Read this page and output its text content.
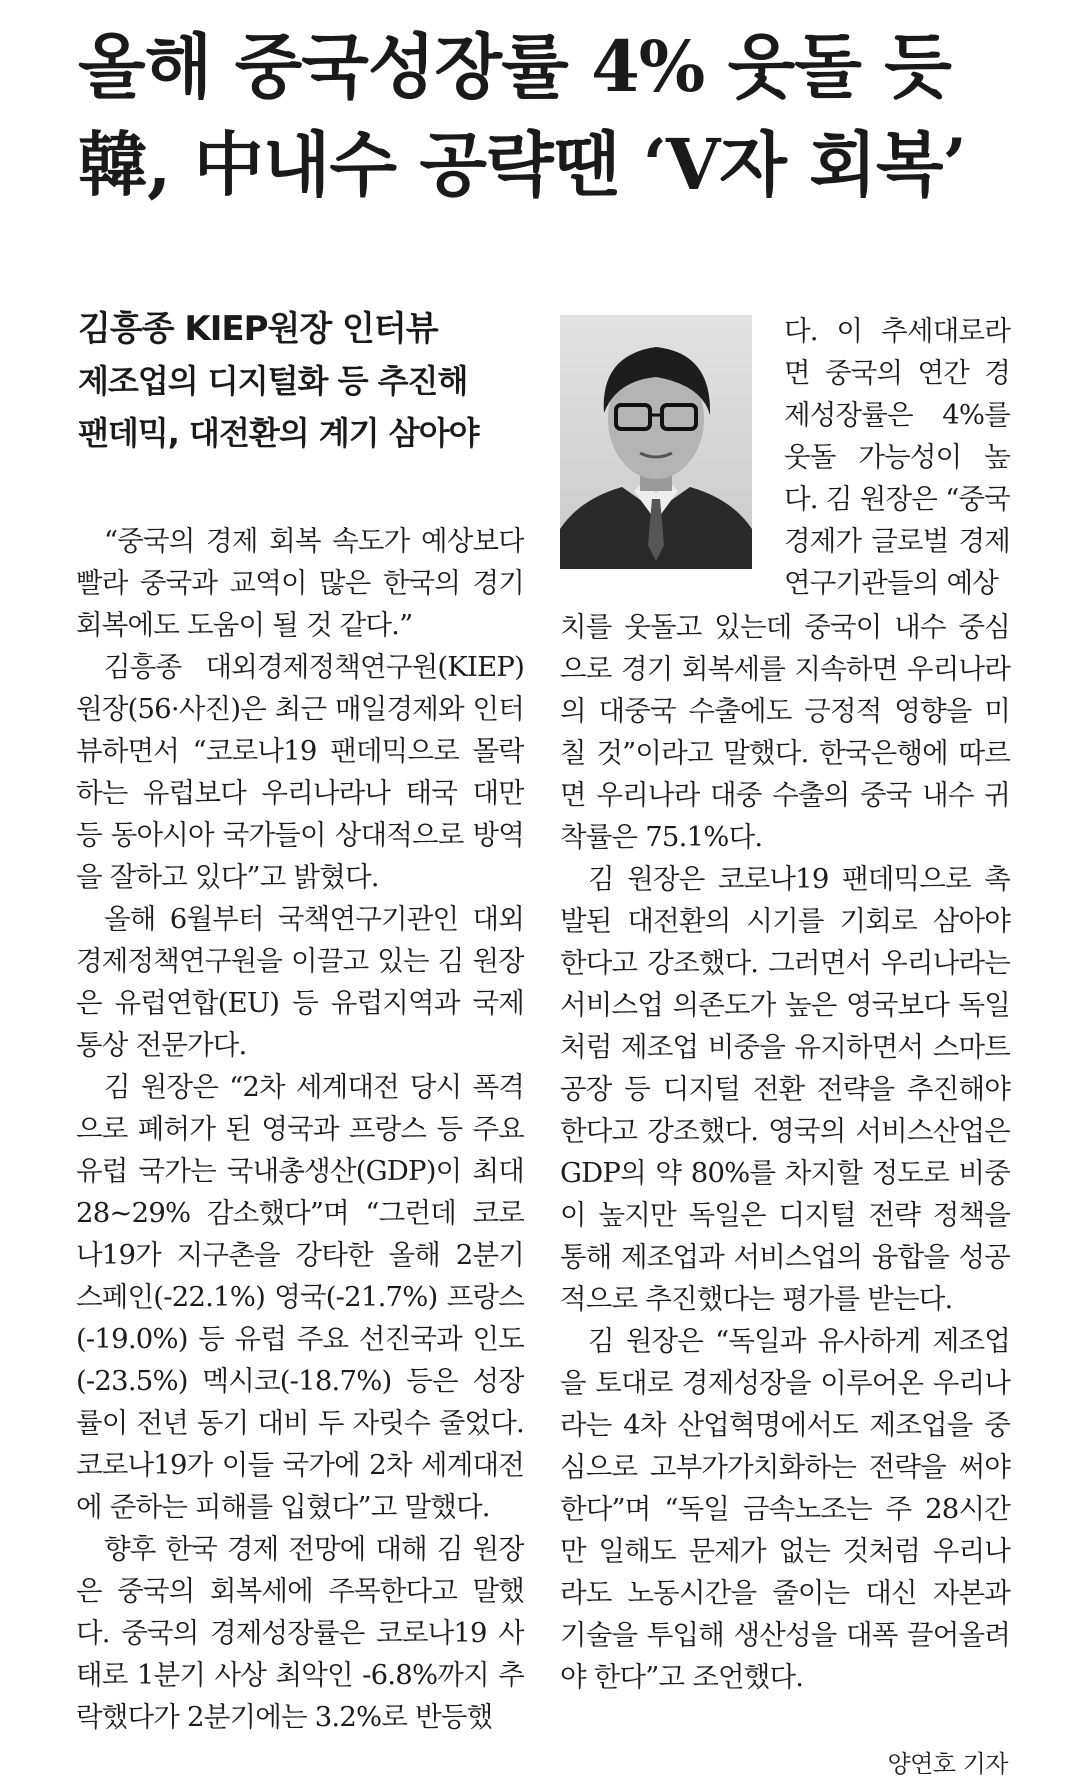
올해 중국성장률 4% 웃돌 듯
韓, 中내수 공략땐 ‘V자 회복’
김흥종 KIEP원장 인터뷰
제조업의 디지털화 등 추진해
팬데믹, 대전환의 계기 삼아야

“중국의 경제 회복 속도가 예상보다 빨라 중국과 교역이 많은 한국의 경기 회복에도 도움이 될 것 같다.”

김흥종 대외경제정책연구원(KIEP) 원장(56·사진)은 최근 매일경제와 인터뷰하면서 “코로나19 팬데믹으로 몰락하는 유럽보다 우리나라나 태국 대만 등 동아시아 국가들이 상대적으로 방역을 잘하고 있다”고 밝혔다.

올해 6월부터 국책연구기관인 대외경제정책연구원을 이끌고 있는 김 원장은 유럽연합(EU) 등 유럽지역과 국제통상 전문가다.

김 원장은 “2차 세계대전 당시 폭격으로 폐허가 된 영국과 프랑스 등 주요 유럽 국가는 국내총생산(GDP)이 최대 28~29% 감소했다”며 “그런데 코로나19가 지구촌을 강타한 올해 2분기 스페인(-22.1%) 영국(-21.7%) 프랑스(-19.0%) 등 유럽 주요 선진국과 인도(-23.5%) 멕시코(-18.7%) 등은 성장률이 전년 동기 대비 두 자릿수 줄었다. 코로나19가 이들 국가에 2차 세계대전에 준하는 피해를 입혔다”고 말했다.

향후 한국 경제 전망에 대해 김 원장은 중국의 회복세에 주목한다고 말했다. 중국의 경제성장률은 코로나19 사태로 1분기 사상 최악인 -6.8%까지 추락했다가 2분기에는 3.2%로 반등했

다. 이 추세대로라면 중국의 연간 경제성장률은 4%를 웃돌 가능성이 높다. 김 원장은 “중국 경제가 글로벌 경제 연구기관들의 예상

치를 웃돌고 있는데 중국이 내수 중심으로 경기 회복세를 지속하면 우리나라의 대중국 수출에도 긍정적 영향을 미칠 것”이라고 말했다. 한국은행에 따르면 우리나라 대중 수출의 중국 내수 귀착률은 75.1%다.

김 원장은 코로나19 팬데믹으로 촉발된 대전환의 시기를 기회로 삼아야 한다고 강조했다. 그러면서 우리나라는 서비스업 의존도가 높은 영국보다 독일처럼 제조업 비중을 유지하면서 스마트공장 등 디지털 전환 전략을 추진해야 한다고 강조했다. 영국의 서비스산업은 GDP의 약 80%를 차지할 정도로 비중이 높지만 독일은 디지털 전략 정책을 통해 제조업과 서비스업의 융합을 성공적으로 추진했다는 평가를 받는다.

김 원장은 “독일과 유사하게 제조업을 토대로 경제성장을 이루어온 우리나라는 4차 산업혁명에서도 제조업을 중심으로 고부가가치화하는 전략을 써야 한다”며 “독일 금속노조는 주 28시간만 일해도 문제가 없는 것처럼 우리나라도 노동시간을 줄이는 대신 자본과 기술을 투입해 생산성을 대폭 끌어올려야 한다”고 조언했다.

양연호 기자
